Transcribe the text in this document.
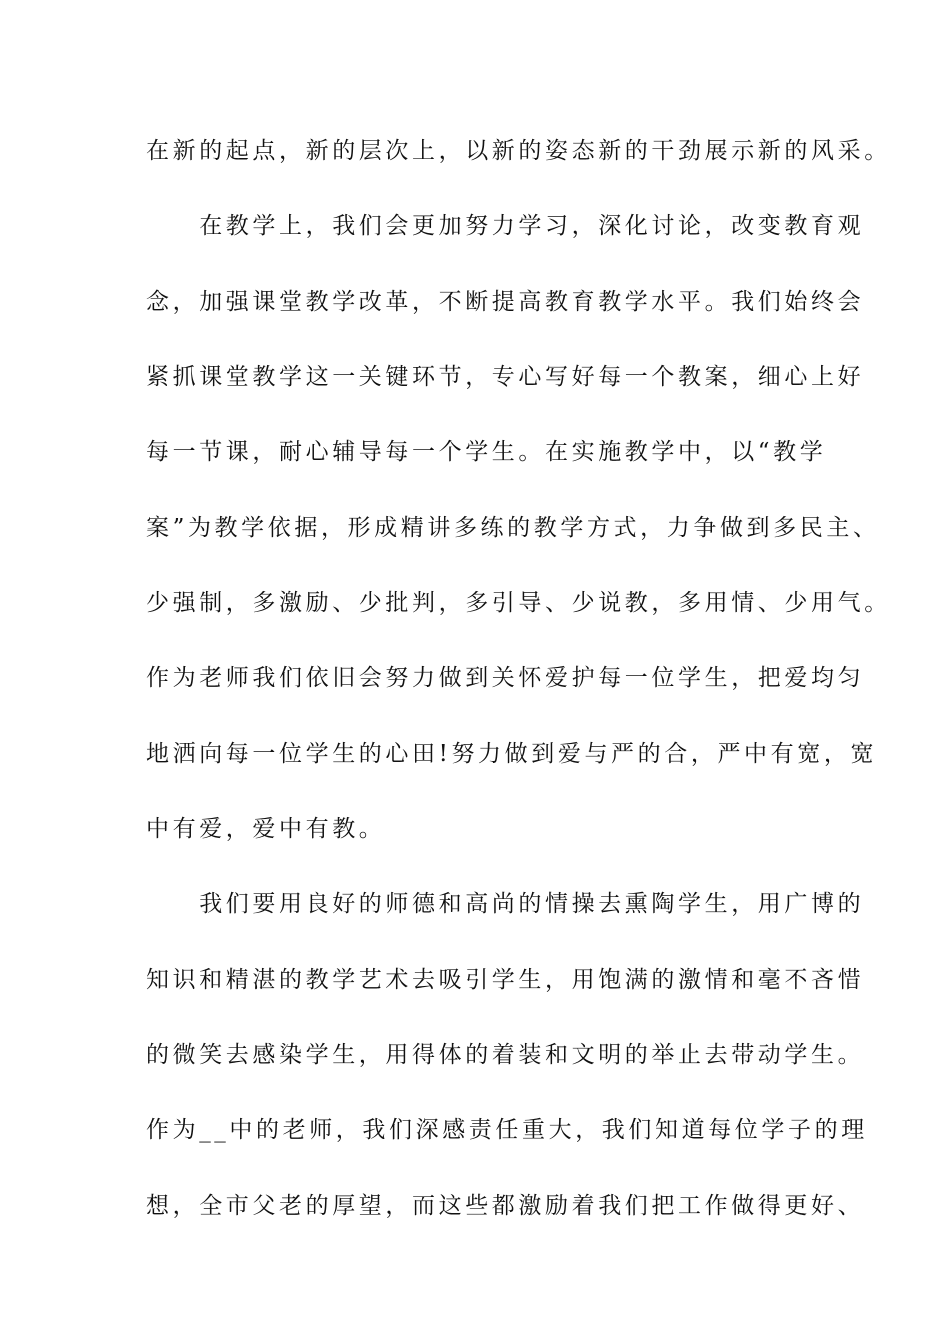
在新的起点，新的层次上，以新的姿态新的干劲展示新的风采。
　　在教学上，我们会更加努力学习，深化讨论，改变教育观
念，加强课堂教学改革，不断提高教育教学水平。我们始终会
紧抓课堂教学这一关键环节，专心写好每一个教案，细心上好
每一节课，耐心辅导每一个学生。在实施教学中，以“教学
案”为教学依据，形成精讲多练的教学方式，力争做到多民主、
少强制，多激励、少批判，多引导、少说教，多用情、少用气。
作为老师我们依旧会努力做到关怀爱护每一位学生，把爱均匀
地洒向每一位学生的心田!努力做到爱与严的合，严中有宽，宽
中有爱，爱中有教。
　　我们要用良好的师德和高尚的情操去熏陶学生，用广博的
知识和精湛的教学艺术去吸引学生，用饱满的激情和毫不吝惜
的微笑去感染学生，用得体的着装和文明的举止去带动学生。
作为__中的老师，我们深感责任重大，我们知道每位学子的理
想，全市父老的厚望，而这些都激励着我们把工作做得更好、
